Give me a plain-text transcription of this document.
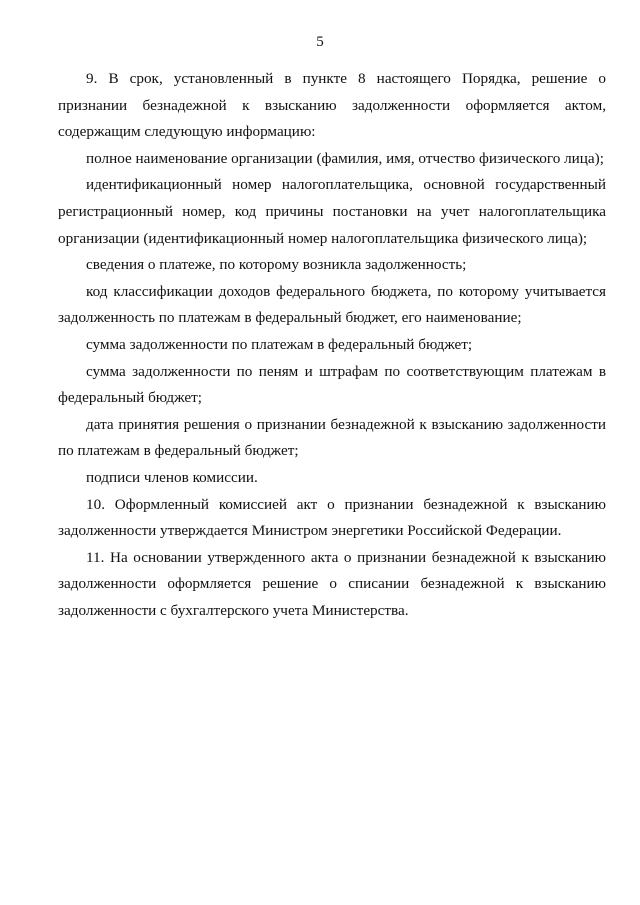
5

9. В срок, установленный в пункте 8 настоящего Порядка, решение о признании безнадежной к взысканию задолженности оформляется актом, содержащим следующую информацию:

полное наименование организации (фамилия, имя, отчество физического лица);

идентификационный номер налогоплательщика, основной государственный регистрационный номер, код причины постановки на учет налогоплательщика организации (идентификационный номер налогоплательщика физического лица);

сведения о платеже, по которому возникла задолженность;

код классификации доходов федерального бюджета, по которому учитывается задолженность по платежам в федеральный бюджет, его наименование;

сумма задолженности по платежам в федеральный бюджет;

сумма задолженности по пеням и штрафам по соответствующим платежам в федеральный бюджет;

дата принятия решения о признании безнадежной к взысканию задолженности по платежам в федеральный бюджет;

подписи членов комиссии.

10. Оформленный комиссией акт о признании безнадежной к взысканию задолженности утверждается Министром энергетики Российской Федерации.

11. На основании утвержденного акта о признании безнадежной к взысканию задолженности оформляется решение о списании безнадежной к взысканию задолженности с бухгалтерского учета Министерства.
